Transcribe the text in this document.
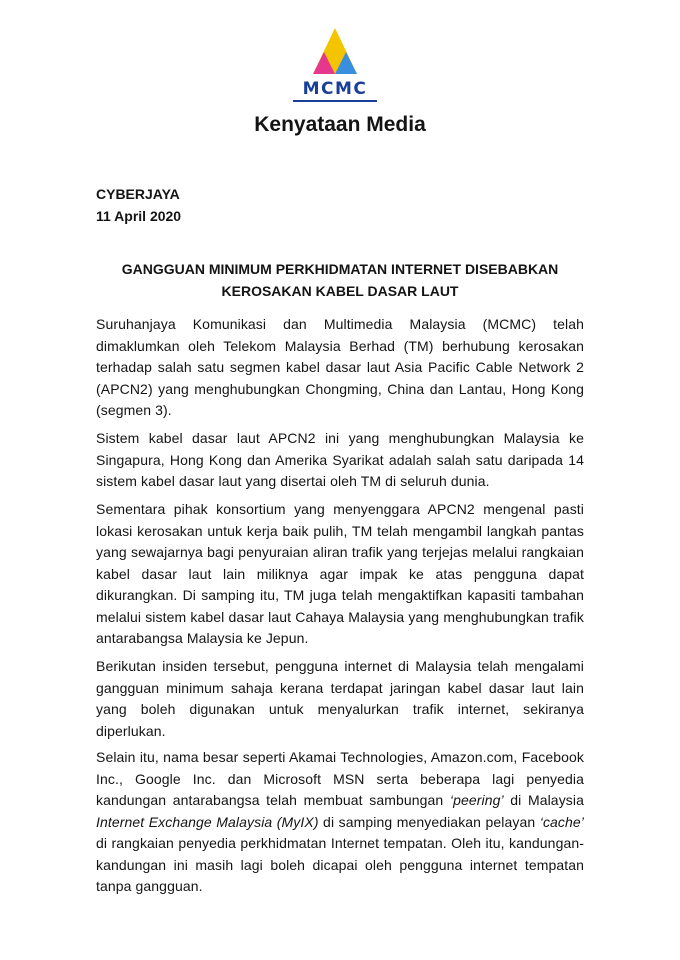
MCMC
Kenyataan Media

CYBERJAYA

11 April 2020

GANGGUAN MINIMUM PERKHIDMATAN INTERNET DISEBABKAN
KEROSAKAN KABEL DASAR LAUT

Suruhanjaya Komunikasi dan Multimedia Malaysia (MCMC) telah dimaklumkan oleh Telekom Malaysia Berhad (TM) berhubung kerosakan terhadap salah satu segmen kabel dasar laut Asia Pacific Cable Network 2 (APCN2) yang menghubungkan Chongming, China dan Lantau, Hong Kong (segmen 3).

Sistem kabel dasar laut APCN2 ini yang menghubungkan Malaysia ke Singapura, Hong Kong dan Amerika Syarikat adalah salah satu daripada 14 sistem kabel dasar laut yang disertai oleh TM di seluruh dunia.

Sementara pihak konsortium yang menyenggara APCN2 mengenal pasti lokasi kerosakan untuk kerja baik pulih, TM telah mengambil langkah pantas yang sewajarnya bagi penyuraian aliran trafik yang terjejas melalui rangkaian kabel dasar laut lain miliknya agar impak ke atas pengguna dapat dikurangkan. Di samping itu, TM juga telah mengaktifkan kapasiti tambahan melalui sistem kabel dasar laut Cahaya Malaysia yang menghubungkan trafik antarabangsa Malaysia ke Jepun.

Berikutan insiden tersebut, pengguna internet di Malaysia telah mengalami gangguan minimum sahaja kerana terdapat jaringan kabel dasar laut lain yang boleh digunakan untuk menyalurkan trafik internet, sekiranya diperlukan.

Selain itu, nama besar seperti Akamai Technologies, Amazon.com, Facebook Inc., Google Inc. dan Microsoft MSN serta beberapa lagi penyedia kandungan antarabangsa telah membuat sambungan ‘peering’ di Malaysia Internet Exchange Malaysia (MyIX) di samping menyediakan pelayan ‘cache’ di rangkaian penyedia perkhidmatan Internet tempatan. Oleh itu, kandungan-kandungan ini masih lagi boleh dicapai oleh pengguna internet tempatan tanpa gangguan.
